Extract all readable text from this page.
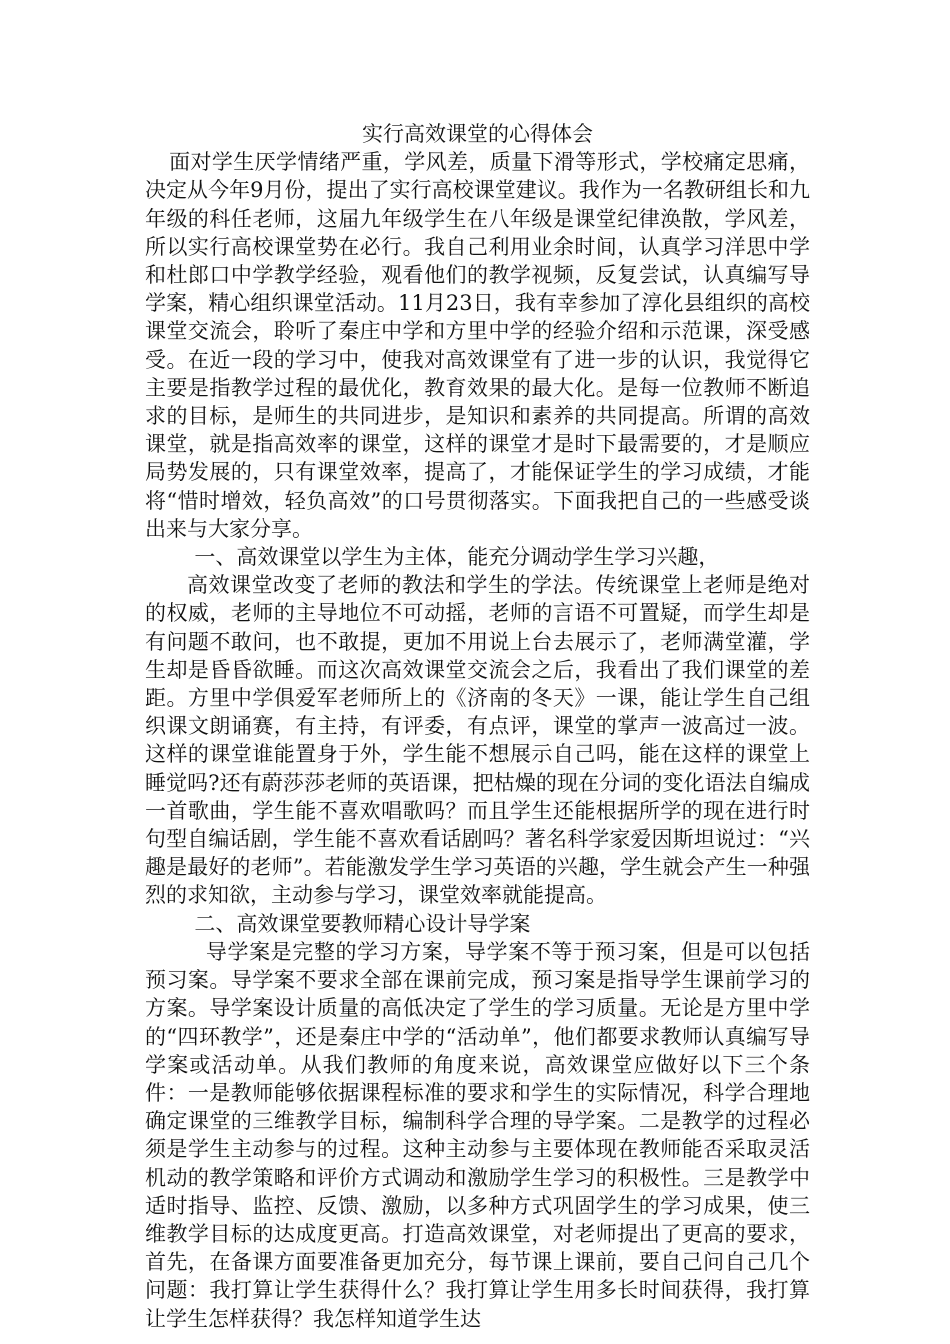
实行高效课堂的心得体会

面对学生厌学情绪严重，学风差，质量下滑等形式，学校痛定思痛，决定从今年9月份，提出了实行高校课堂建议。我作为一名教研组长和九年级的科任老师，这届九年级学生在八年级是课堂纪律涣散，学风差，所以实行高校课堂势在必行。我自己利用业余时间，认真学习洋思中学和杜郎口中学教学经验，观看他们的教学视频，反复尝试，认真编写导学案，精心组织课堂活动。11月23日，我有幸参加了淳化县组织的高校课堂交流会，聆听了秦庄中学和方里中学的经验介绍和示范课，深受感受。在近一段的学习中，使我对高效课堂有了进一步的认识，我觉得它主要是指教学过程的最优化，教育效果的最大化。是每一位教师不断追求的目标，是师生的共同进步，是知识和素养的共同提高。所谓的高效课堂，就是指高效率的课堂，这样的课堂才是时下最需要的，才是顺应局势发展的，只有课堂效率，提高了，才能保证学生的学习成绩，才能将“惜时增效，轻负高效”的口号贯彻落实。下面我把自己的一些感受谈出来与大家分享。

一、高效课堂以学生为主体，能充分调动学生学习兴趣，

高效课堂改变了老师的教法和学生的学法。传统课堂上老师是绝对的权威，老师的主导地位不可动摇，老师的言语不可置疑，而学生却是有问题不敢问，也不敢提，更加不用说上台去展示了，老师满堂灌，学生却是昏昏欲睡。而这次高效课堂交流会之后，我看出了我们课堂的差距。方里中学俱爱军老师所上的《济南的冬天》一课，能让学生自己组织课文朗诵赛，有主持，有评委，有点评，课堂的掌声一波高过一波。这样的课堂谁能置身于外，学生能不想展示自己吗，能在这样的课堂上睡觉吗?还有蔚莎莎老师的英语课，把枯燥的现在分词的变化语法自编成一首歌曲，学生能不喜欢唱歌吗？而且学生还能根据所学的现在进行时句型自编话剧，学生能不喜欢看话剧吗？著名科学家爱因斯坦说过：“兴趣是最好的老师”。若能激发学生学习英语的兴趣，学生就会产生一种强烈的求知欲，主动参与学习，课堂效率就能提高。

二、高效课堂要教师精心设计导学案

导学案是完整的学习方案，导学案不等于预习案，但是可以包括预习案。导学案不要求全部在课前完成，预习案是指导学生课前学习的方案。导学案设计质量的高低决定了学生的学习质量。无论是方里中学的“四环教学”，还是秦庄中学的“活动单”，他们都要求教师认真编写导学案或活动单。从我们教师的角度来说，高效课堂应做好以下三个条件：一是教师能够依据课程标准的要求和学生的实际情况，科学合理地确定课堂的三维教学目标，编制科学合理的导学案。二是教学的过程必须是学生主动参与的过程。这种主动参与主要体现在教师能否采取灵活机动的教学策略和评价方式调动和激励学生学习的积极性。三是教学中适时指导、监控、反馈、激励，以多种方式巩固学生的学习成果，使三维教学目标的达成度更高。打造高效课堂，对老师提出了更高的要求，首先，在备课方面要准备更加充分，每节课上课前，要自己问自己几个问题：我打算让学生获得什么？我打算让学生用多长时间获得，我打算让学生怎样获得？我怎样知道学生达
